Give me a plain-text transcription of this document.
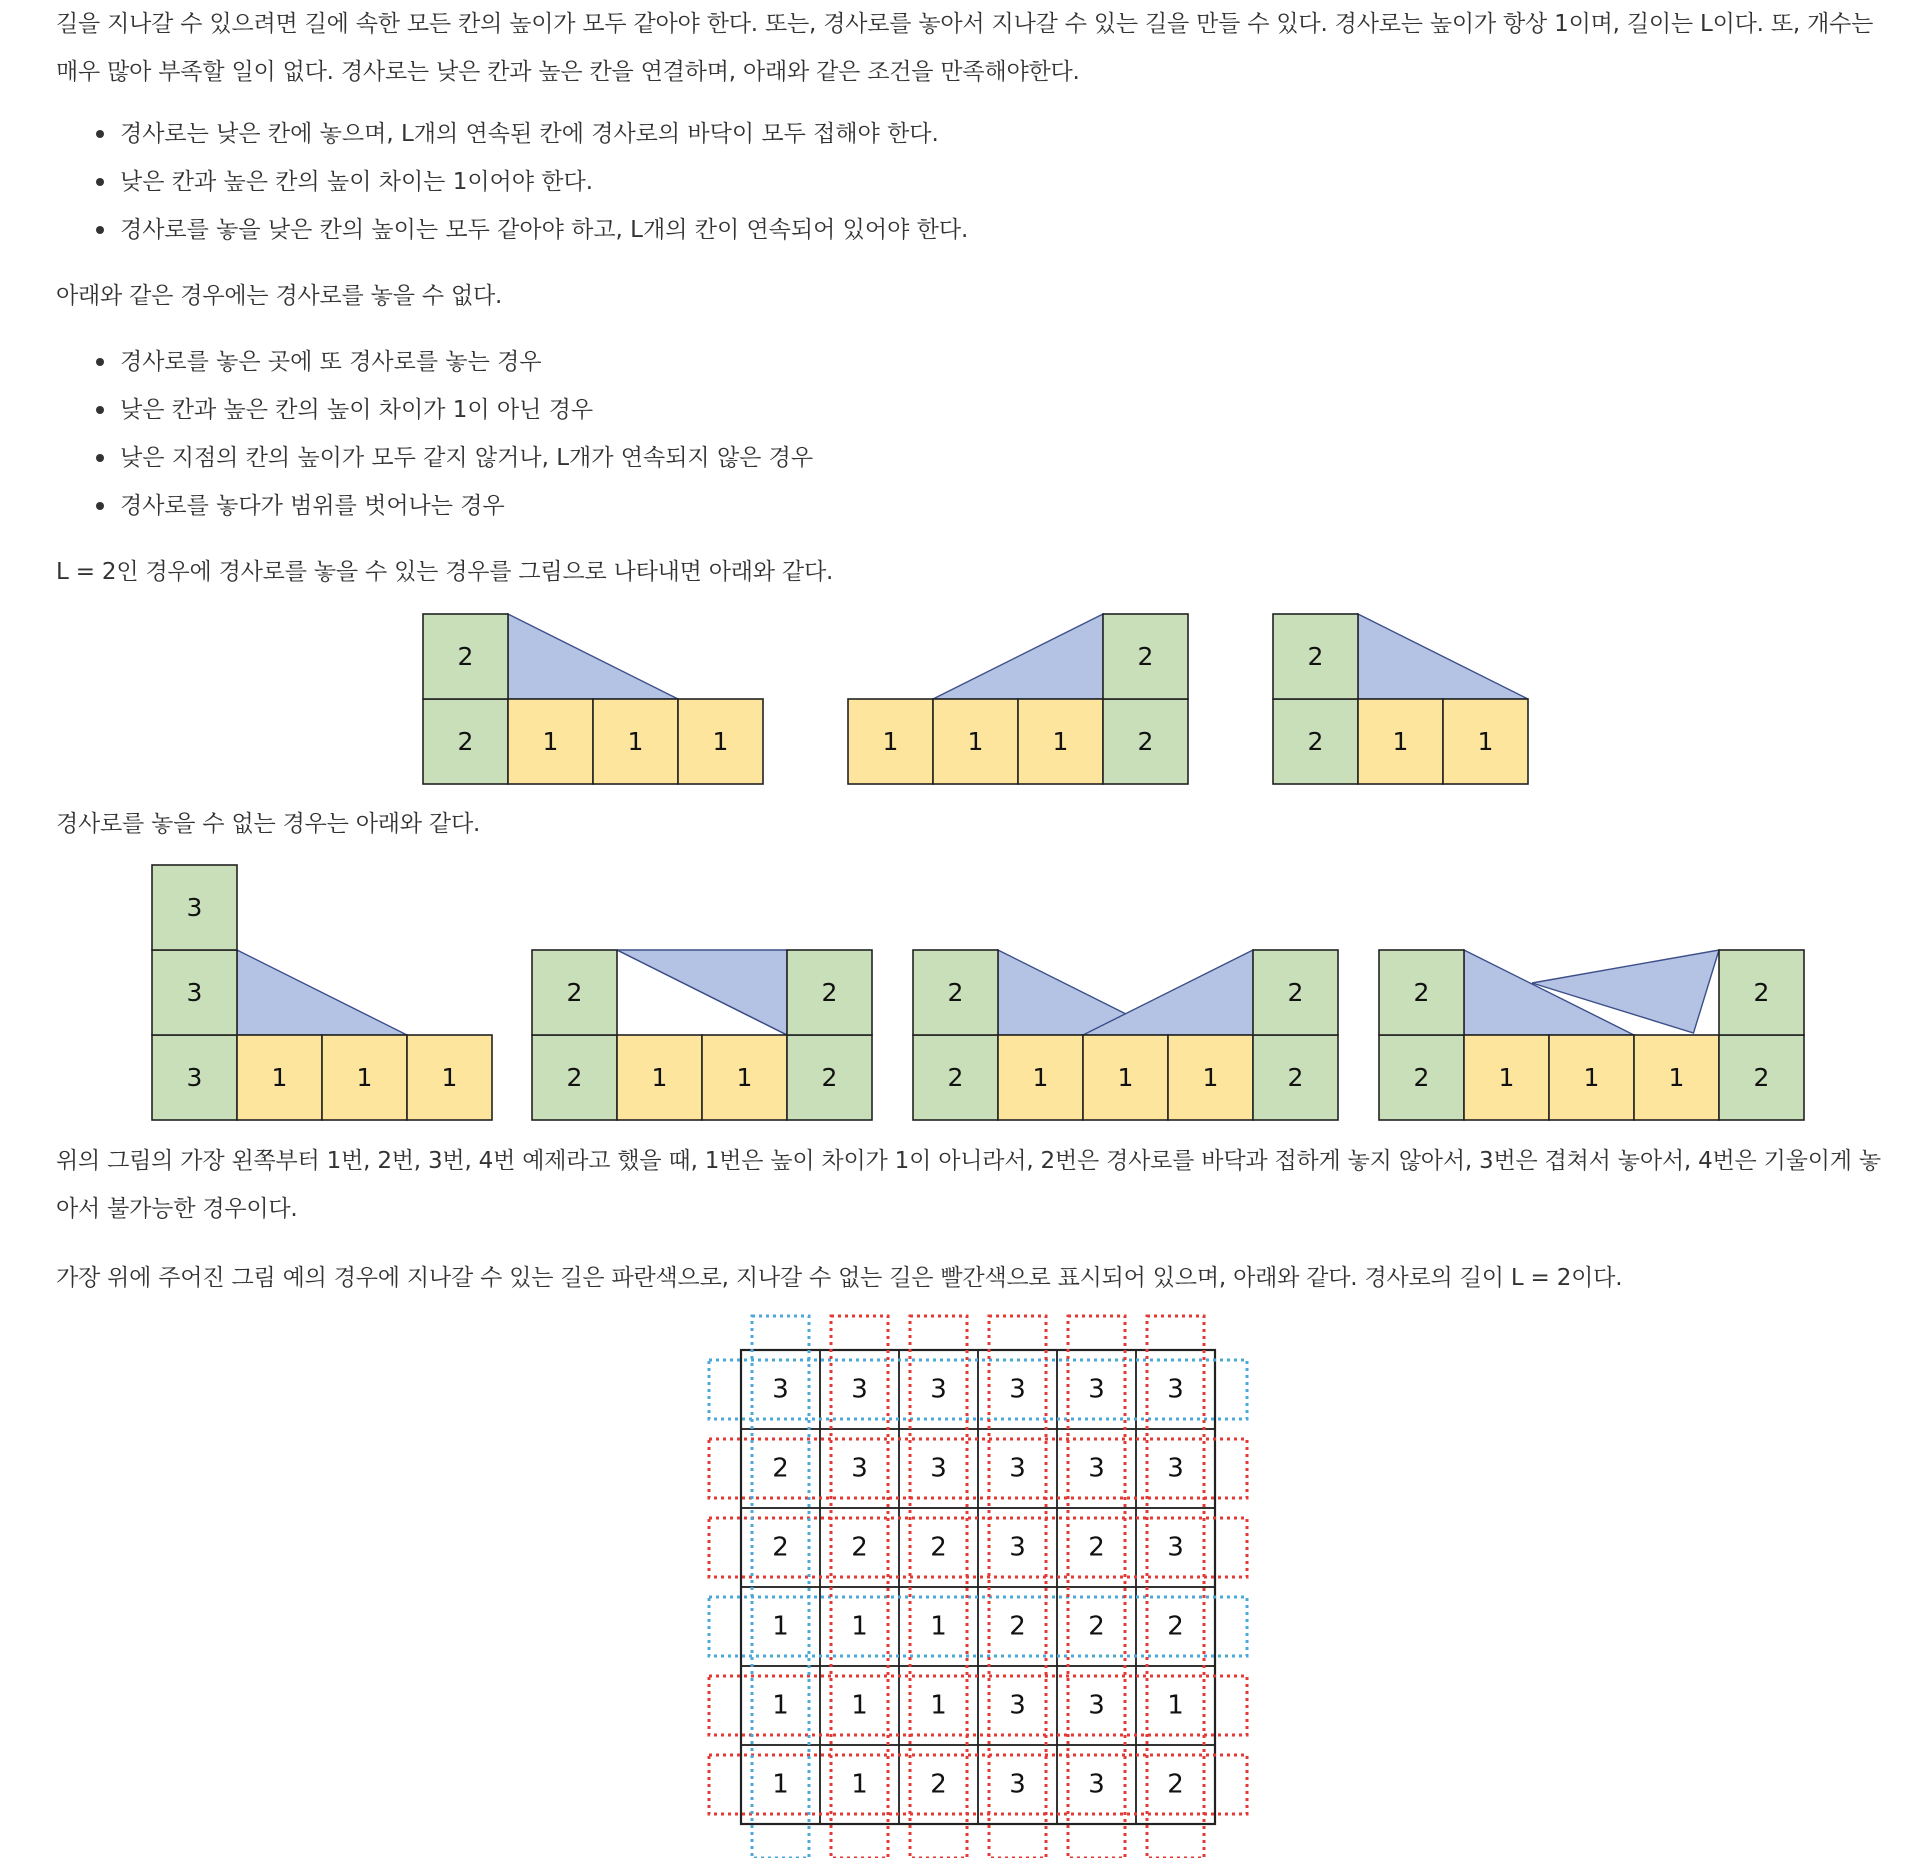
길을 지나갈 수 있으려면 길에 속한 모든 칸의 높이가 모두 같아야 한다. 또는, 경사로를 놓아서 지나갈 수 있는 길을 만들 수 있다. 경사로는 높이가 항상 1이며, 길이는 L이다. 또, 개수는 매우 많아 부족할 일이 없다. 경사로는 낮은 칸과 높은 칸을 연결하며, 아래와 같은 조건을 만족해야한다.

경사로는 낮은 칸에 놓으며, L개의 연속된 칸에 경사로의 바닥이 모두 접해야 한다.
낮은 칸과 높은 칸의 높이 차이는 1이어야 한다.
경사로를 놓을 낮은 칸의 높이는 모두 같아야 하고, L개의 칸이 연속되어 있어야 한다.

아래와 같은 경우에는 경사로를 놓을 수 없다.

경사로를 놓은 곳에 또 경사로를 놓는 경우
낮은 칸과 높은 칸의 높이 차이가 1이 아닌 경우
낮은 지점의 칸의 높이가 모두 같지 않거나, L개가 연속되지 않은 경우
경사로를 놓다가 범위를 벗어나는 경우

L = 2인 경우에 경사로를 놓을 수 있는 경우를 그림으로 나타내면 아래와 같다.

경사로를 놓을 수 없는 경우는 아래와 같다.

위의 그림의 가장 왼쪽부터 1번, 2번, 3번, 4번 예제라고 했을 때, 1번은 높이 차이가 1이 아니라서, 2번은 경사로를 바닥과 접하게 놓지 않아서, 3번은 겹쳐서 놓아서, 4번은 기울이게 놓아서 불가능한 경우이다.

가장 위에 주어진 그림 예의 경우에 지나갈 수 있는 길은 파란색으로, 지나갈 수 없는 길은 빨간색으로 표시되어 있으며, 아래와 같다. 경사로의 길이 L = 2이다.

2
2
1	1	1	1	1	1	2
2
2
2
1	1
3
3
3
1	1	1	2
2
1	1	2
2
2
2
1	1	1	2
2
2
2
1	1	1	2
2
3 3 3 3 3 3
2 3 3 3 3 3
2 2 2 3 2 3
1 1 1 2 2 2
1 1 1 3 3 1
1 1 2 3 3 2
